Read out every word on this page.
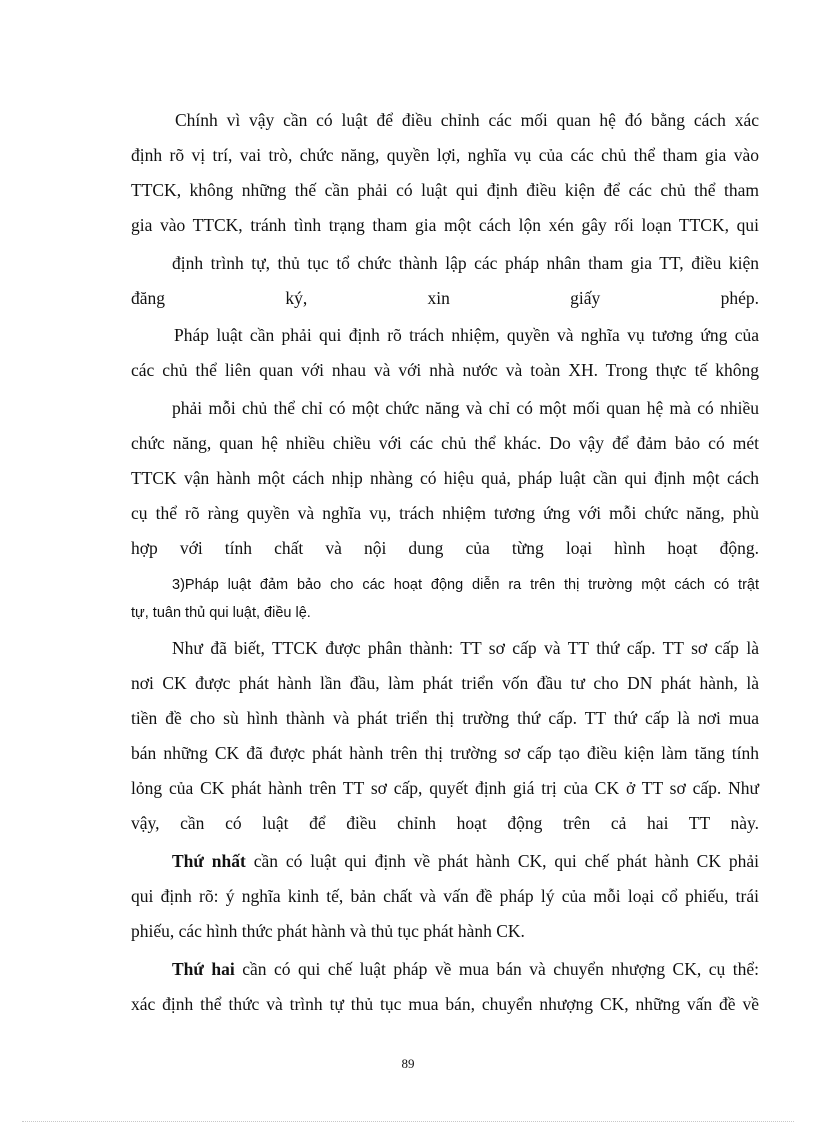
Chính vì vậy cần có luật để điều chỉnh các mối quan hệ đó bằng cách xác
định rõ vị trí, vai trò, chức năng, quyền lợi, nghĩa vụ của các chủ thể tham gia vào
TTCK, không những thế cần phải có luật qui định điều kiện để các chủ thể tham
gia vào TTCK, tránh tình trạng tham gia một cách lộn xén gây rối loạn TTCK, qui
định trình tự, thủ tục tổ chức thành lập các pháp nhân tham gia TT, điều kiện
đăng ký, xin giấy phép.
Pháp luật cần phải qui định rõ trách nhiệm, quyền và nghĩa vụ tương ứng của
các chủ thể liên quan với nhau và với nhà nước và toàn XH. Trong thực tế không
phải mỗi chủ thể chỉ có một chức năng và chỉ có một mối quan hệ mà có nhiều
chức năng, quan hệ nhiều chiều với các chủ thể khác. Do vậy để đảm bảo có mét
TTCK vận hành một cách nhịp nhàng có hiệu quả, pháp luật cần qui định một cách
cụ thể rõ ràng quyền và nghĩa vụ, trách nhiệm tương ứng với mỗi chức năng, phù
hợp với tính chất và nội dung của từng loại hình hoạt động.
3)Pháp luật đảm bảo cho các hoạt động diễn ra trên thị trường một cách có trật
tự, tuân thủ qui luật, điều lệ.
Như đã biết, TTCK được phân thành: TT sơ cấp và TT thứ cấp. TT sơ cấp là
nơi CK được phát hành lần đầu, làm phát triển vốn đầu tư cho DN phát hành, là
tiền đề cho sù hình thành và phát triển thị trường thứ cấp. TT thứ cấp là nơi mua
bán những CK đã được phát hành trên thị trường sơ cấp tạo điều kiện làm tăng tính
lỏng của CK phát hành trên TT sơ cấp, quyết định giá trị của CK ở TT sơ cấp. Như
vậy, cần có luật để điều chỉnh hoạt động trên cả hai TT này.
Thứ nhất cần có luật qui định về phát hành CK, qui chế phát hành CK phải
qui định rõ: ý nghĩa kinh tế, bản chất và vấn đề pháp lý của mỗi loại cổ phiếu, trái
phiếu, các hình thức phát hành và thủ tục phát hành CK.
Thứ hai cần có qui chế luật pháp về mua bán và chuyển nhượng CK, cụ thể:
xác định thể thức và trình tự thủ tục mua bán, chuyển nhượng CK, những vấn đề về
89
